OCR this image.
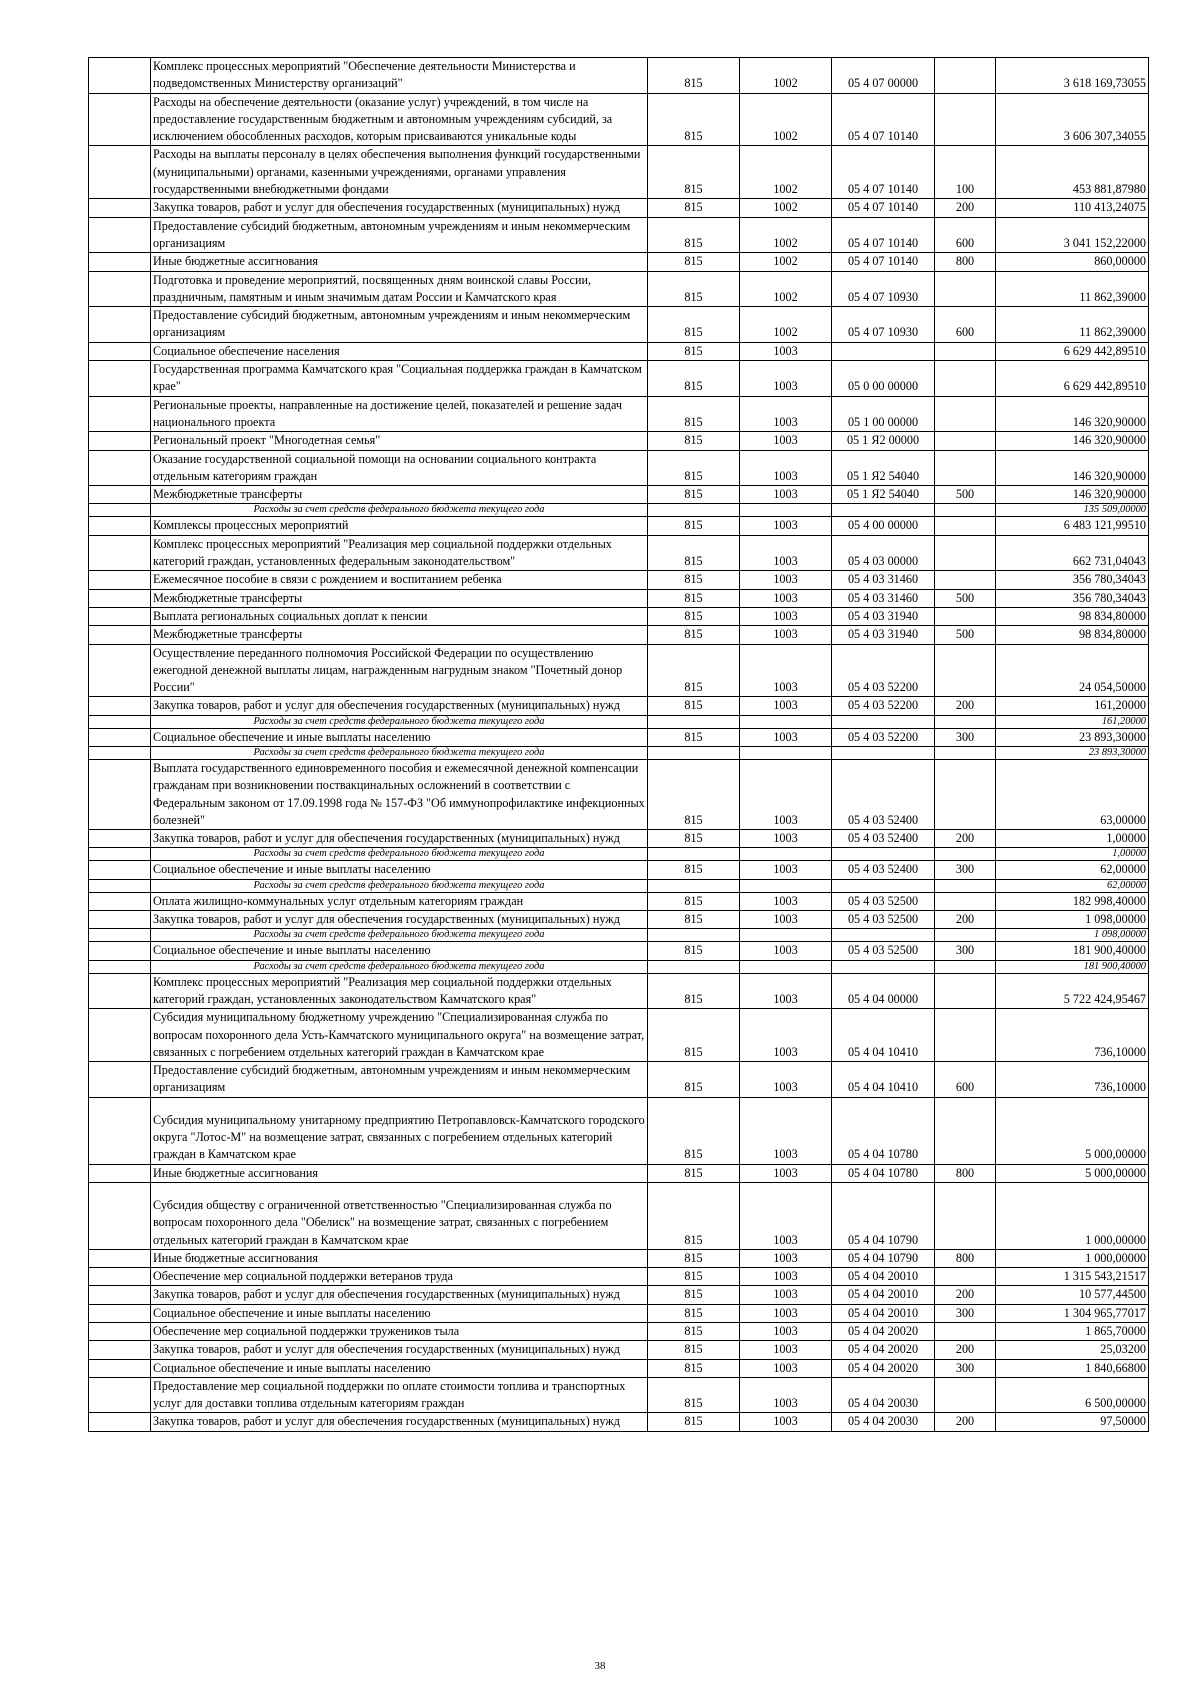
	Комплекс процессных мероприятий "Обеспечение деятельности Министерства и подведомственных Министерству организаций"	815	1002	05 4 07 00000		3 618 169,73055
	Расходы на обеспечение деятельности (оказание услуг) учреждений, в том числе на предоставление государственным бюджетным и автономным учреждениям субсидий, за исключением обособленных расходов, которым присваиваются уникальные коды	815	1002	05 4 07 10140		3 606 307,34055
	Расходы на выплаты персоналу в целях обеспечения выполнения функций государственными (муниципальными) органами, казенными учреждениями, органами управления государственными внебюджетными фондами	815	1002	05 4 07 10140	100	453 881,87980
	Закупка товаров, работ и услуг для обеспечения государственных (муниципальных) нужд	815	1002	05 4 07 10140	200	110 413,24075
	Предоставление субсидий бюджетным, автономным учреждениям и иным некоммерческим организациям	815	1002	05 4 07 10140	600	3 041 152,22000
	Иные бюджетные ассигнования	815	1002	05 4 07 10140	800	860,00000
	Подготовка и проведение мероприятий, посвященных дням воинской славы России, праздничным, памятным и иным значимым датам России и Камчатского края	815	1002	05 4 07 10930		11 862,39000
	Предоставление субсидий бюджетным, автономным учреждениям и иным некоммерческим организациям	815	1002	05 4 07 10930	600	11 862,39000
	Социальное обеспечение населения	815	1003			6 629 442,89510
	Государственная программа Камчатского края "Социальная поддержка граждан в Камчатском крае"	815	1003	05 0 00 00000		6 629 442,89510
	Региональные проекты, направленные на достижение целей, показателей и решение задач национального проекта	815	1003	05 1 00 00000		146 320,90000
	Региональный проект "Многодетная семья"	815	1003	05 1 Я2 00000		146 320,90000
	Оказание государственной социальной помощи на основании социального контракта отдельным категориям граждан	815	1003	05 1 Я2 54040		146 320,90000
	Межбюджетные трансферты	815	1003	05 1 Я2 54040	500	146 320,90000
	Расходы за счет средств федерального бюджета текущего года					135 509,00000
	Комплексы процессных мероприятий	815	1003	05 4 00 00000		6 483 121,99510
	Комплекс процессных мероприятий "Реализация мер социальной поддержки отдельных категорий граждан, установленных федеральным законодательством"	815	1003	05 4 03 00000		662 731,04043
	Ежемесячное пособие в связи с рождением и воспитанием ребенка	815	1003	05 4 03 31460		356 780,34043
	Межбюджетные трансферты	815	1003	05 4 03 31460	500	356 780,34043
	Выплата региональных социальных доплат к пенсии	815	1003	05 4 03 31940		98 834,80000
	Межбюджетные трансферты	815	1003	05 4 03 31940	500	98 834,80000
	Осуществление переданного полномочия Российской Федерации по осуществлению ежегодной денежной выплаты лицам, награжденным нагрудным знаком "Почетный донор России"	815	1003	05 4 03 52200		24 054,50000
	Закупка товаров, работ и услуг для обеспечения государственных (муниципальных) нужд	815	1003	05 4 03 52200	200	161,20000
	Расходы за счет средств федерального бюджета текущего года					161,20000
	Социальное обеспечение и иные выплаты населению	815	1003	05 4 03 52200	300	23 893,30000
	Расходы за счет средств федерального бюджета текущего года					23 893,30000
	Выплата государственного единовременного пособия и ежемесячной денежной компенсации гражданам при возникновении поствакцинальных осложнений в соответствии с Федеральным законом от 17.09.1998 года № 157-ФЗ "Об иммунопрофилактике инфекционных болезней"	815	1003	05 4 03 52400		63,00000
	Закупка товаров, работ и услуг для обеспечения государственных (муниципальных) нужд	815	1003	05 4 03 52400	200	1,00000
	Расходы за счет средств федерального бюджета текущего года					1,00000
	Социальное обеспечение и иные выплаты населению	815	1003	05 4 03 52400	300	62,00000
	Расходы за счет средств федерального бюджета текущего года					62,00000
	Оплата жилищно-коммунальных услуг отдельным категориям граждан	815	1003	05 4 03 52500		182 998,40000
	Закупка товаров, работ и услуг для обеспечения государственных (муниципальных) нужд	815	1003	05 4 03 52500	200	1 098,00000
	Расходы за счет средств федерального бюджета текущего года					1 098,00000
	Социальное обеспечение и иные выплаты населению	815	1003	05 4 03 52500	300	181 900,40000
	Расходы за счет средств федерального бюджета текущего года					181 900,40000
	Комплекс процессных мероприятий "Реализация мер социальной поддержки отдельных категорий граждан, установленных законодательством Камчатского края"	815	1003	05 4 04 00000		5 722 424,95467
	Субсидия муниципальному бюджетному учреждению "Специализированная служба по вопросам похоронного дела Усть-Камчатского муниципального округа" на возмещение затрат, связанных с погребением отдельных категорий граждан в Камчатском крае	815	1003	05 4 04 10410		736,10000
	Предоставление субсидий бюджетным, автономным учреждениям и иным некоммерческим организациям	815	1003	05 4 04 10410	600	736,10000
	Субсидия муниципальному унитарному предприятию Петропавловск-Камчатского городского округа "Лотос-М" на возмещение затрат, связанных с погребением отдельных категорий граждан в Камчатском крае	815	1003	05 4 04 10780		5 000,00000
	Иные бюджетные ассигнования	815	1003	05 4 04 10780	800	5 000,00000
	Субсидия обществу с ограниченной ответственностью "Специализированная служба по вопросам похоронного дела "Обелиск" на возмещение затрат, связанных с погребением отдельных категорий граждан в Камчатском крае	815	1003	05 4 04 10790		1 000,00000
	Иные бюджетные ассигнования	815	1003	05 4 04 10790	800	1 000,00000
	Обеспечение мер социальной поддержки ветеранов труда	815	1003	05 4 04 20010		1 315 543,21517
	Закупка товаров, работ и услуг для обеспечения государственных (муниципальных) нужд	815	1003	05 4 04 20010	200	10 577,44500
	Социальное обеспечение и иные выплаты населению	815	1003	05 4 04 20010	300	1 304 965,77017
	Обеспечение мер социальной поддержки тружеников тыла	815	1003	05 4 04 20020		1 865,70000
	Закупка товаров, работ и услуг для обеспечения государственных (муниципальных) нужд	815	1003	05 4 04 20020	200	25,03200
	Социальное обеспечение и иные выплаты населению	815	1003	05 4 04 20020	300	1 840,66800
	Предоставление мер социальной поддержки по оплате стоимости топлива и транспортных услуг для доставки топлива отдельным категориям граждан	815	1003	05 4 04 20030		6 500,00000
	Закупка товаров, работ и услуг для обеспечения государственных (муниципальных) нужд	815	1003	05 4 04 20030	200	97,50000
38
